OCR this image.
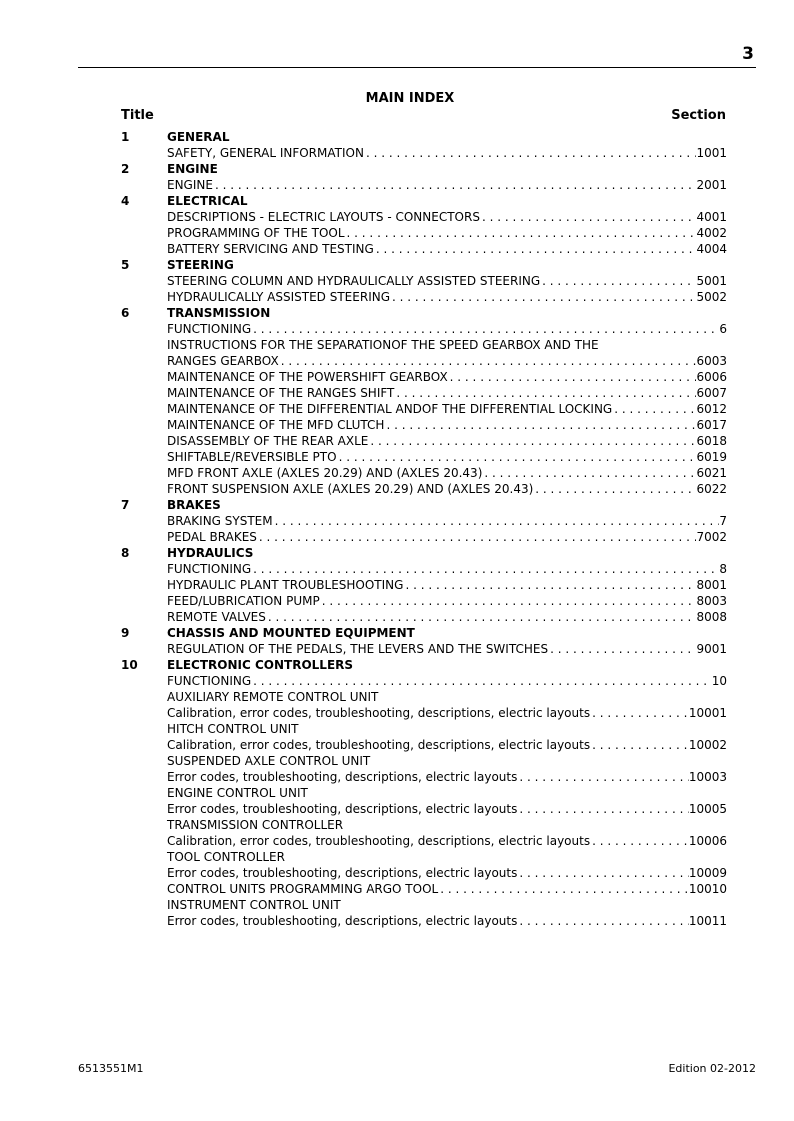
3
MAIN INDEX
Title	Section
1	GENERAL
SAFETY, GENERAL INFORMATION . . .	1001
2	ENGINE
ENGINE . . .	2001
4	ELECTRICAL
DESCRIPTIONS - ELECTRIC LAYOUTS - CONNECTORS . . .	4001
PROGRAMMING OF THE TOOL . . .	4002
BATTERY SERVICING AND TESTING . . .	4004
5	STEERING
STEERING COLUMN AND HYDRAULICALLY ASSISTED STEERING . . .	5001
HYDRAULICALLY ASSISTED STEERING . . .	5002
6	TRANSMISSION
FUNCTIONING . . .	6
INSTRUCTIONS FOR THE SEPARATIONOF THE SPEED GEARBOX AND THE
RANGES GEARBOX . . .	6003
MAINTENANCE OF THE POWERSHIFT GEARBOX . . .	6006
MAINTENANCE OF THE RANGES SHIFT . . .	6007
MAINTENANCE OF THE DIFFERENTIAL ANDOF THE DIFFERENTIAL LOCKING . . .	6012
MAINTENANCE OF THE MFD CLUTCH . . .	6017
DISASSEMBLY OF THE REAR AXLE . . .	6018
SHIFTABLE/REVERSIBLE PTO . . .	6019
MFD FRONT AXLE (AXLES 20.29) AND (AXLES 20.43) . . .	6021
FRONT SUSPENSION AXLE (AXLES 20.29) AND (AXLES 20.43) . . .	6022
7	BRAKES
BRAKING SYSTEM . . .	7
PEDAL BRAKES . . .	7002
8	HYDRAULICS
FUNCTIONING . . .	8
HYDRAULIC PLANT TROUBLESHOOTING . . .	8001
FEED/LUBRICATION PUMP . . .	8003
REMOTE VALVES . . .	8008
9	CHASSIS AND MOUNTED EQUIPMENT
REGULATION OF THE PEDALS, THE LEVERS AND THE SWITCHES . . .	9001
10	ELECTRONIC CONTROLLERS
FUNCTIONING . . .	10
AUXILIARY REMOTE CONTROL UNIT
Calibration, error codes, troubleshooting, descriptions, electric layouts . . .	10001
HITCH CONTROL UNIT
Calibration, error codes, troubleshooting, descriptions, electric layouts . . .	10002
SUSPENDED AXLE CONTROL UNIT
Error codes, troubleshooting, descriptions, electric layouts . . .	10003
ENGINE CONTROL UNIT
Error codes, troubleshooting, descriptions, electric layouts . . .	10005
TRANSMISSION CONTROLLER
Calibration, error codes, troubleshooting, descriptions, electric layouts . . .	10006
TOOL CONTROLLER
Error codes, troubleshooting, descriptions, electric layouts . . .	10009
CONTROL UNITS PROGRAMMING ARGO TOOL . . .	10010
INSTRUMENT CONTROL UNIT
Error codes, troubleshooting, descriptions, electric layouts . . .	10011
6513551M1	Edition 02-2012
